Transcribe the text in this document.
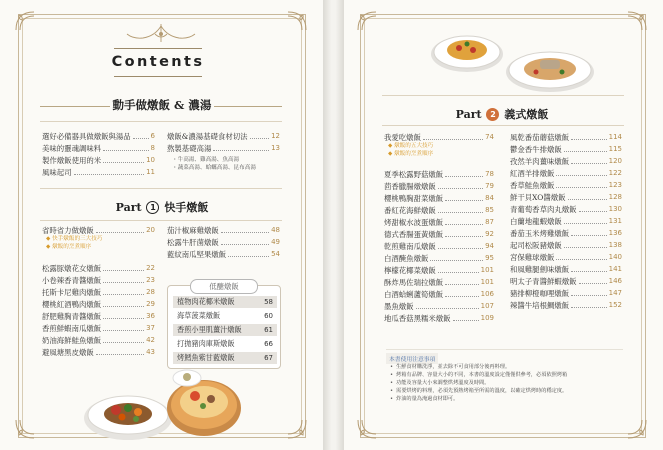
Contents
動手做燉飯 & 濃湯
選好必備器具做燉飯與湯品	6
美味的靈魂調味料	8
製作燉飯使用的米	10
風味起司	11
燉飯&濃湯基礎食材切法	12
熬製基礎高湯	13
・牛高湯、雞高湯、魚高湯
・蔬菜高湯、蛤蠣高湯、昆布高湯
Part 1 快手燉飯
省時省力做燉飯	20
◆ 快手燉飯的三大技巧
◆ 燉飯的烹煮順序
松露豚燉花女燉飯	22
小卷辣香青醬燉飯	23
托斯卡尼雞肉燉飯	28
櫻桃紅酒鴨肉燉飯	29
舒肥雞胸青醬燉飯	36
香煎鮮蝦南瓜燉飯	37
奶油海鮮鮭魚燉飯	42
避風塘黑皮燉飯	43
茄汁椒麻雞燉飯	48
松露牛肝菌燉飯	49
藍紋南瓜堅果燉飯	54
低醣燉飯
植物肉花椰米燉飯	58
海草菠菜燉飯	60
香煎小里肌薑汁燉飯	61
打拋豬肉庫斯燉飯	66
烤鱈魚紫甘藍燉飯	67
Part 2 義式燉飯
我愛吃燉飯	74
◆ 燉飯的五大技巧
◆ 燉飯的烹煮順序
夏季松露野菇燉飯	78
茴香臘腸燉燉飯	79
櫻桃鴨胸甜菜燉飯	84
番紅花海鮮燉飯	85
烤甜椒水波蛋燉飯	87
德式香腸蛋黃燉飯	92
乾煎雞南瓜燉飯	94
白酒醃魚燉飯	95
檸檬花椰菜燉飯	101
酥炸馬佐瑞拉燉飯	101
白酒蛤蜊蘆筍燉飯	106
墨魚燉飯	107
地瓜香菇黑糯米燉飯	109
風乾番茄蘑菇燉飯	114
鬱金香牛排燉飯	115
孜然羊肉薑味燉飯	120
紅酒羊排燉飯	122
香草鮭魚燉飯	123
鮮干貝XO醬燉飯	128
青葡萄香草肉丸燉飯	130
白蘭地龍蝦燉飯	131
番茄玉米烤雞燉飯	136
起司松阪豬燉飯	138
宮保雞球燉飯	140
和風雞腿劍味燉飯	141
明太子青醬鮮蝦燉飯	146
豬排柳橙咖哩燉飯	147
辣醬牛培根鯛燉飯	152
本書使用注意事項
• 生鮮食材購洗淨，並去除不可食用部分後再料理。
• 烤箱有品牌、容量大小的不同，本書的溫度設定僅僅供參考，必須依照烤箱
• 功能及容量大小來調整烘烤溫度及時間。
• 需要烘烤的料理，必須先預熱烤箱至所需的溫度，以確定烘烤時的穩定度。
• 炸油的量為淹過食材即可。
